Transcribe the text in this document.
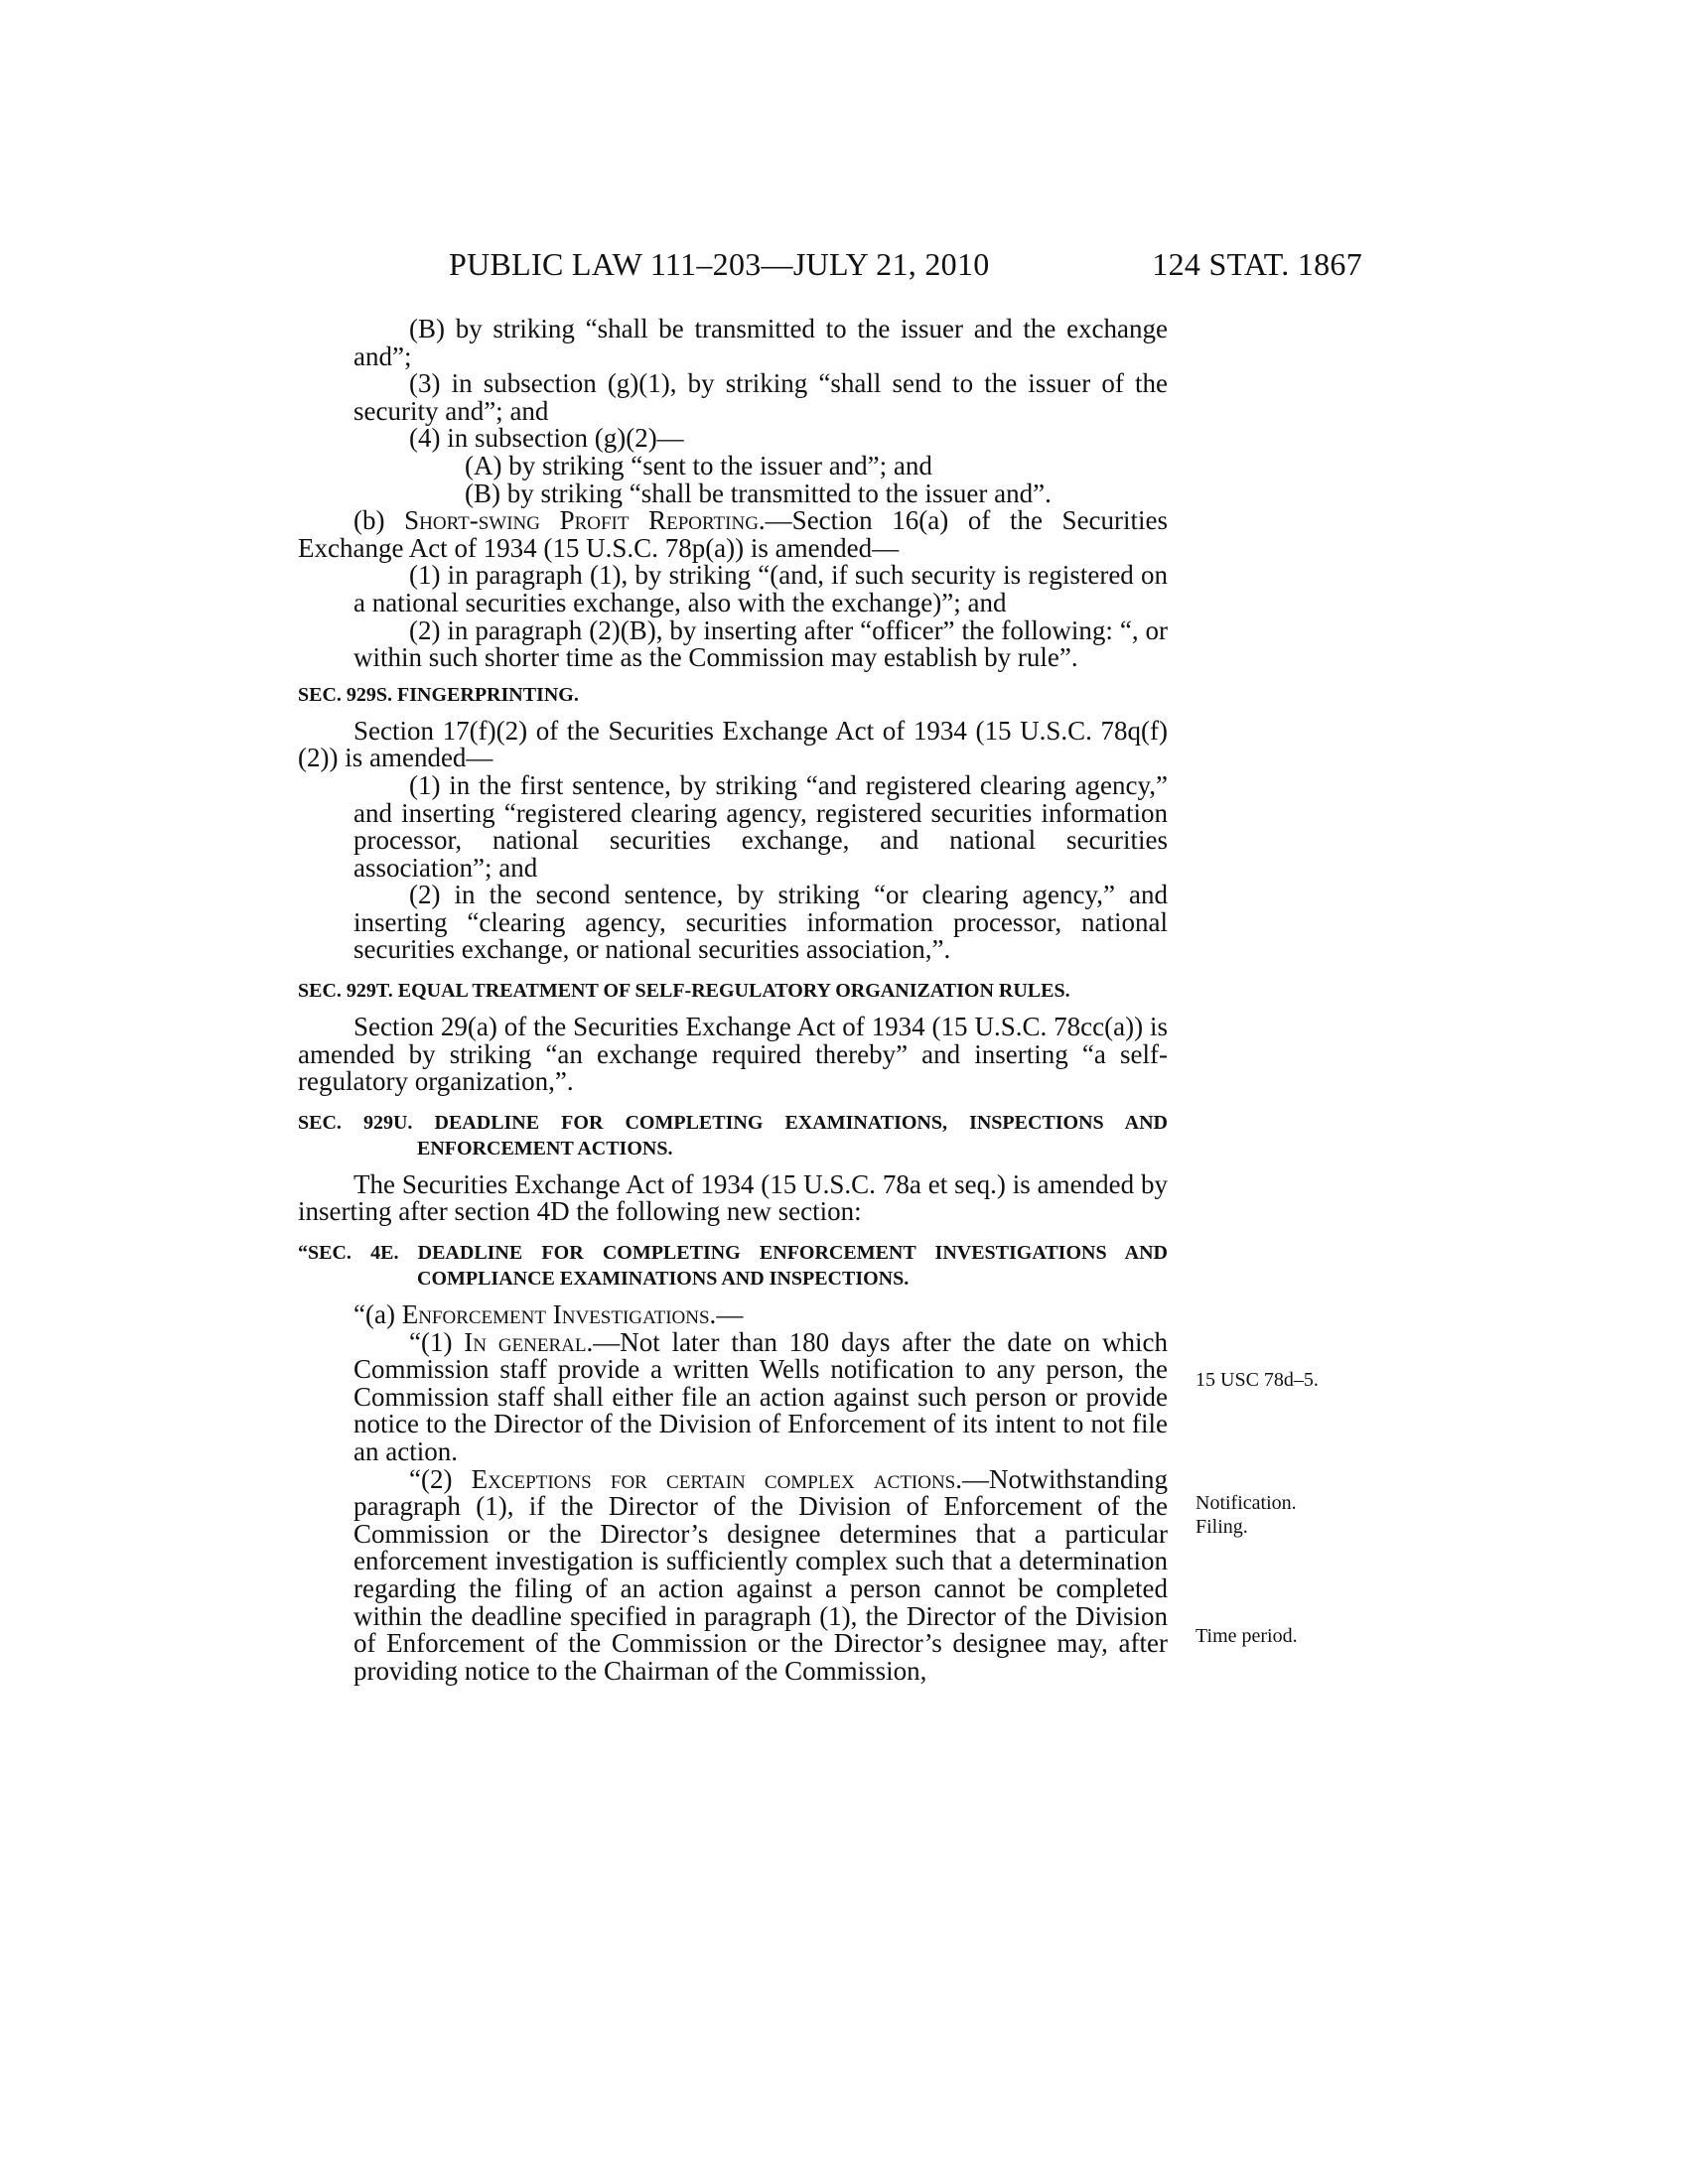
PUBLIC LAW 111–203—JULY 21, 2010	124 STAT. 1867

(B) by striking “shall be transmitted to the issuer and the exchange and”;

(3) in subsection (g)(1), by striking “shall send to the issuer of the security and”; and

(4) in subsection (g)(2)—

(A) by striking “sent to the issuer and”; and

(B) by striking “shall be transmitted to the issuer and”.

(b) Short-swing Profit Reporting.—Section 16(a) of the Securities Exchange Act of 1934 (15 U.S.C. 78p(a)) is amended—

(1) in paragraph (1), by striking “(and, if such security is registered on a national securities exchange, also with the exchange)”; and

(2) in paragraph (2)(B), by inserting after “officer” the following: “, or within such shorter time as the Commission may establish by rule”.

SEC. 929S. FINGERPRINTING.

Section 17(f)(2) of the Securities Exchange Act of 1934 (15 U.S.C. 78q(f)(2)) is amended—

(1) in the first sentence, by striking “and registered clearing agency,” and inserting “registered clearing agency, registered securities information processor, national securities exchange, and national securities association”; and

(2) in the second sentence, by striking “or clearing agency,” and inserting “clearing agency, securities information processor, national securities exchange, or national securities association,”.

SEC. 929T. EQUAL TREATMENT OF SELF-REGULATORY ORGANIZATION RULES.

Section 29(a) of the Securities Exchange Act of 1934 (15 U.S.C. 78cc(a)) is amended by striking “an exchange required thereby” and inserting “a self-regulatory organization,”.

SEC. 929U. DEADLINE FOR COMPLETING EXAMINATIONS, INSPECTIONS AND ENFORCEMENT ACTIONS.

The Securities Exchange Act of 1934 (15 U.S.C. 78a et seq.) is amended by inserting after section 4D the following new section:

“SEC. 4E. DEADLINE FOR COMPLETING ENFORCEMENT INVESTIGATIONS AND COMPLIANCE EXAMINATIONS AND INSPECTIONS.

“(a) Enforcement Investigations.—

“(1) In general.—Not later than 180 days after the date on which Commission staff provide a written Wells notification to any person, the Commission staff shall either file an action against such person or provide notice to the Director of the Division of Enforcement of its intent to not file an action.

“(2) Exceptions for certain complex actions.—Notwithstanding paragraph (1), if the Director of the Division of Enforcement of the Commission or the Director’s designee determines that a particular enforcement investigation is sufficiently complex such that a determination regarding the filing of an action against a person cannot be completed within the deadline specified in paragraph (1), the Director of the Division of Enforcement of the Commission or the Director’s designee may, after providing notice to the Chairman of the Commission,

15 USC 78d–5.
Notification.
Filing.
Time period.
